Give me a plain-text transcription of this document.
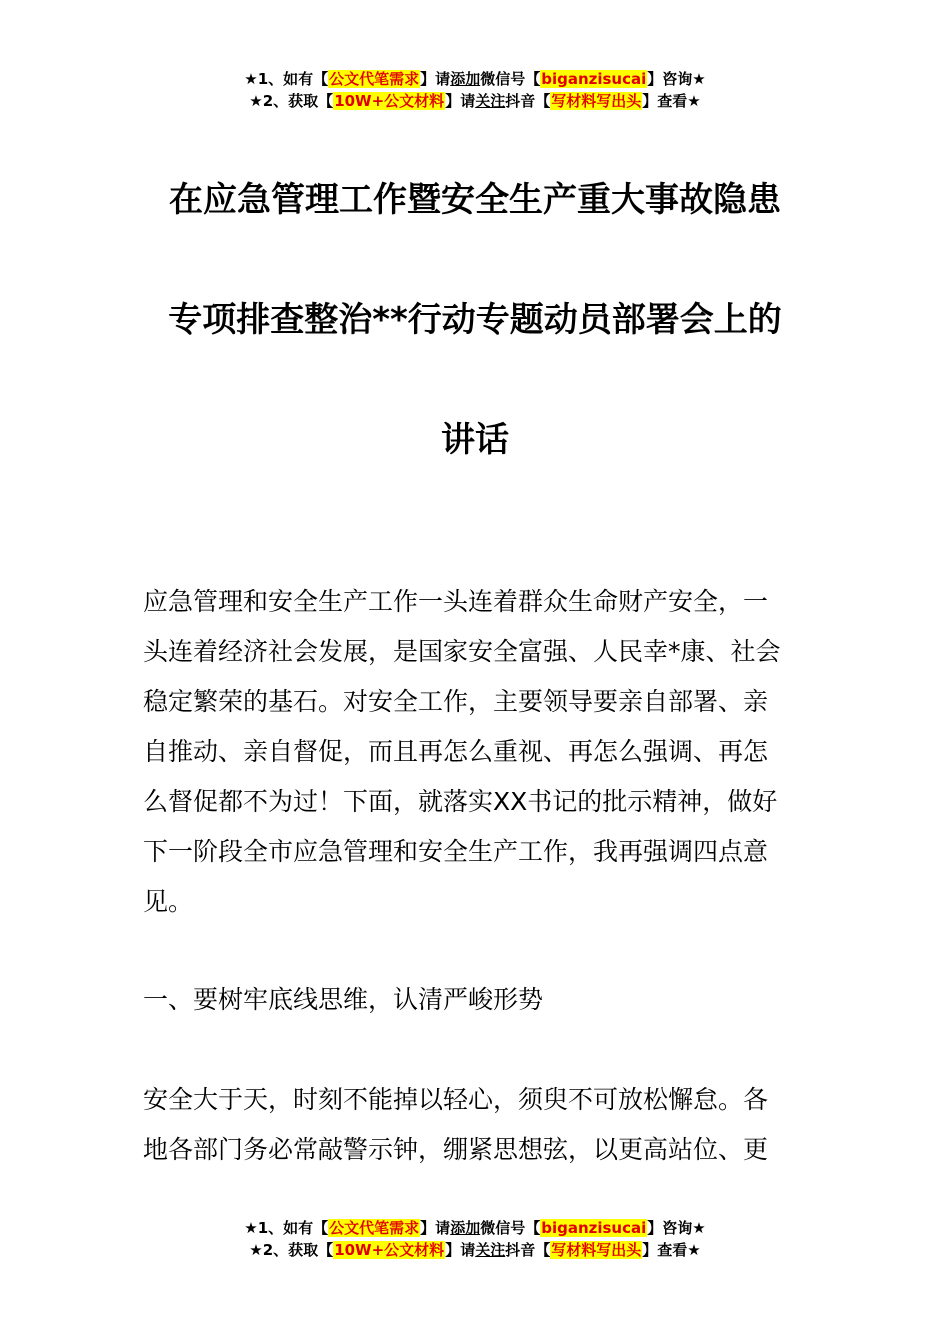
★1、如有【公文代笔需求】请添加微信号【biganzisucai】咨询★
★2、获取【10W+公文材料】请关注抖音【写材料写出头】查看★
在应急管理工作暨安全生产重大事故隐患
专项排查整治**行动专题动员部署会上的
讲话
应急管理和安全生产工作一头连着群众生命财产安全，一
头连着经济社会发展，是国家安全富强、人民幸*康、社会
稳定繁荣的基石。对安全工作，主要领导要亲自部署、亲
自推动、亲自督促，而且再怎么重视、再怎么强调、再怎
么督促都不为过！下面，就落实XX书记的批示精神，做好
下一阶段全市应急管理和安全生产工作，我再强调四点意
见。
一、要树牢底线思维，认清严峻形势
安全大于天，时刻不能掉以轻心，须臾不可放松懈怠。各
地各部门务必常敲警示钟，绷紧思想弦，以更高站位、更
★1、如有【公文代笔需求】请添加微信号【biganzisucai】咨询★
★2、获取【10W+公文材料】请关注抖音【写材料写出头】查看★
